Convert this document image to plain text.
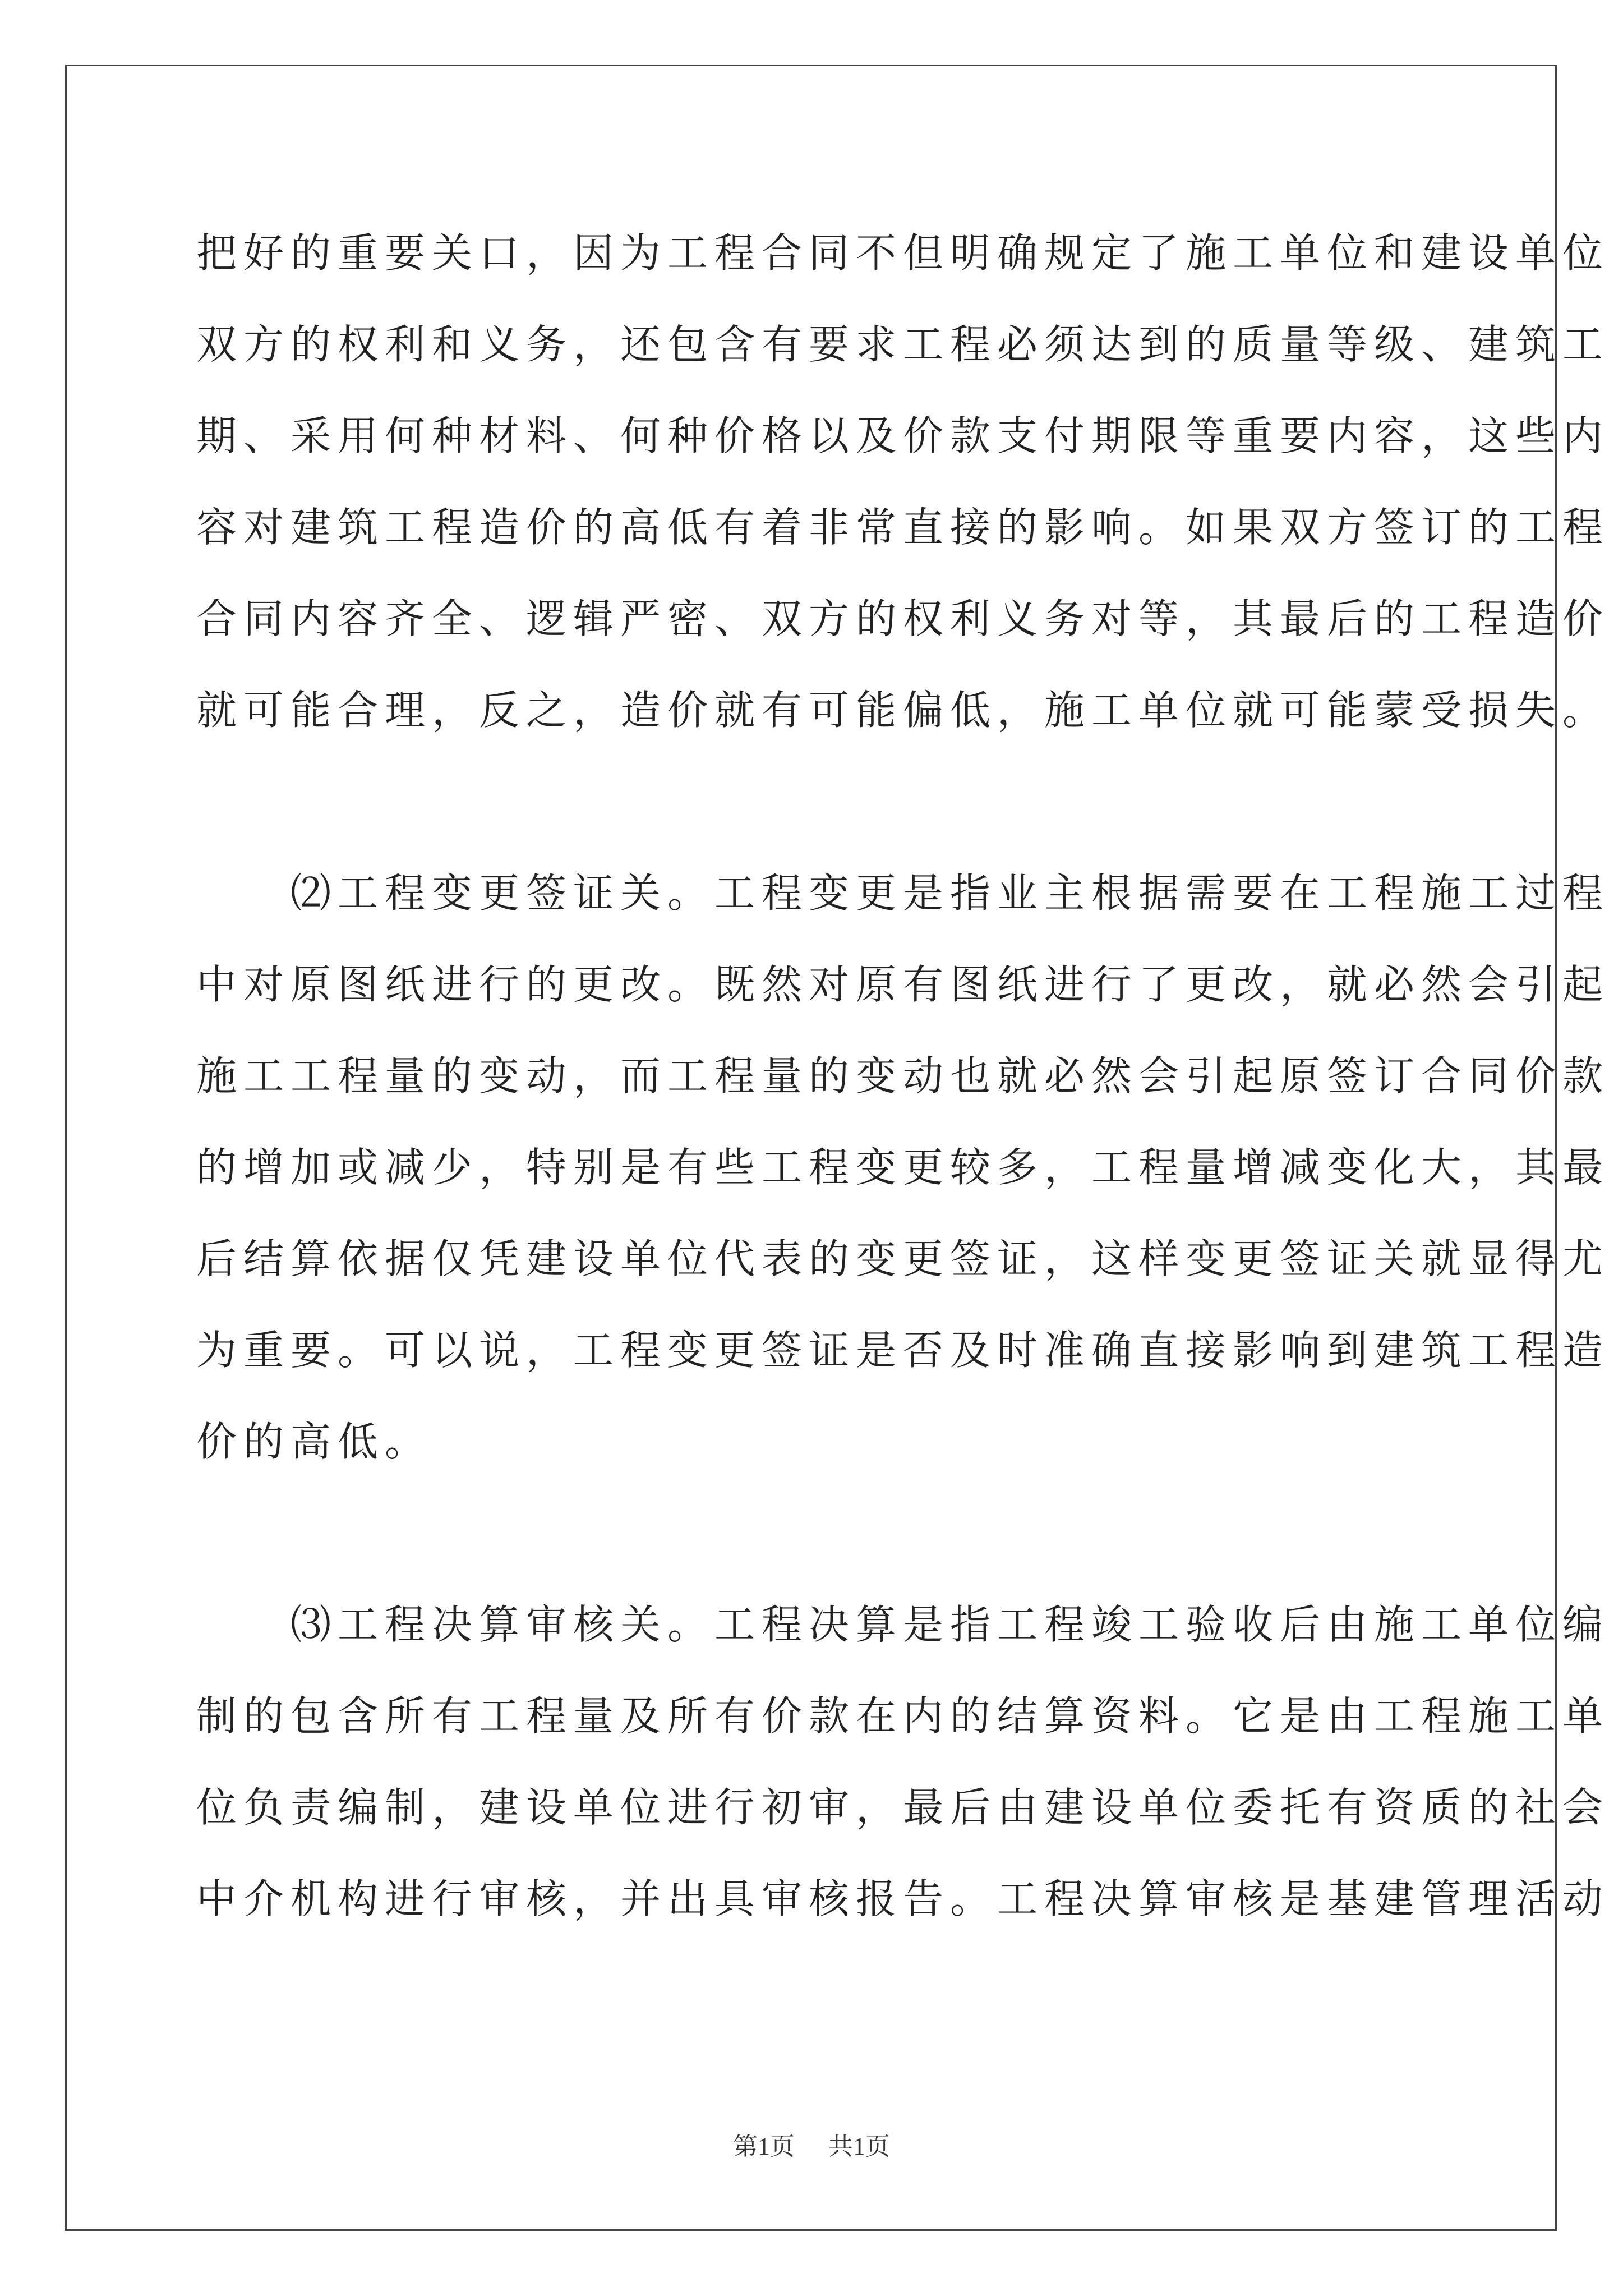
把好的重要关口，因为工程合同不但明确规定了施工单位和建设单位
双方的权利和义务，还包含有要求工程必须达到的质量等级、建筑工
期、采用何种材料、何种价格以及价款支付期限等重要内容，这些内
容对建筑工程造价的高低有着非常直接的影响。如果双方签订的工程
合同内容齐全、逻辑严密、双方的权利义务对等，其最后的工程造价
就可能合理，反之，造价就有可能偏低，施工单位就可能蒙受损失。
　　⑵工程变更签证关。工程变更是指业主根据需要在工程施工过程
中对原图纸进行的更改。既然对原有图纸进行了更改，就必然会引起
施工工程量的变动，而工程量的变动也就必然会引起原签订合同价款
的增加或减少，特别是有些工程变更较多，工程量增减变化大，其最
后结算依据仅凭建设单位代表的变更签证，这样变更签证关就显得尤
为重要。可以说，工程变更签证是否及时准确直接影响到建筑工程造
价的高低。
　　⑶工程决算审核关。工程决算是指工程竣工验收后由施工单位编
制的包含所有工程量及所有价款在内的结算资料。它是由工程施工单
位负责编制，建设单位进行初审，最后由建设单位委托有资质的社会
中介机构进行审核，并出具审核报告。工程决算审核是基建管理活动
第1页 共1页
